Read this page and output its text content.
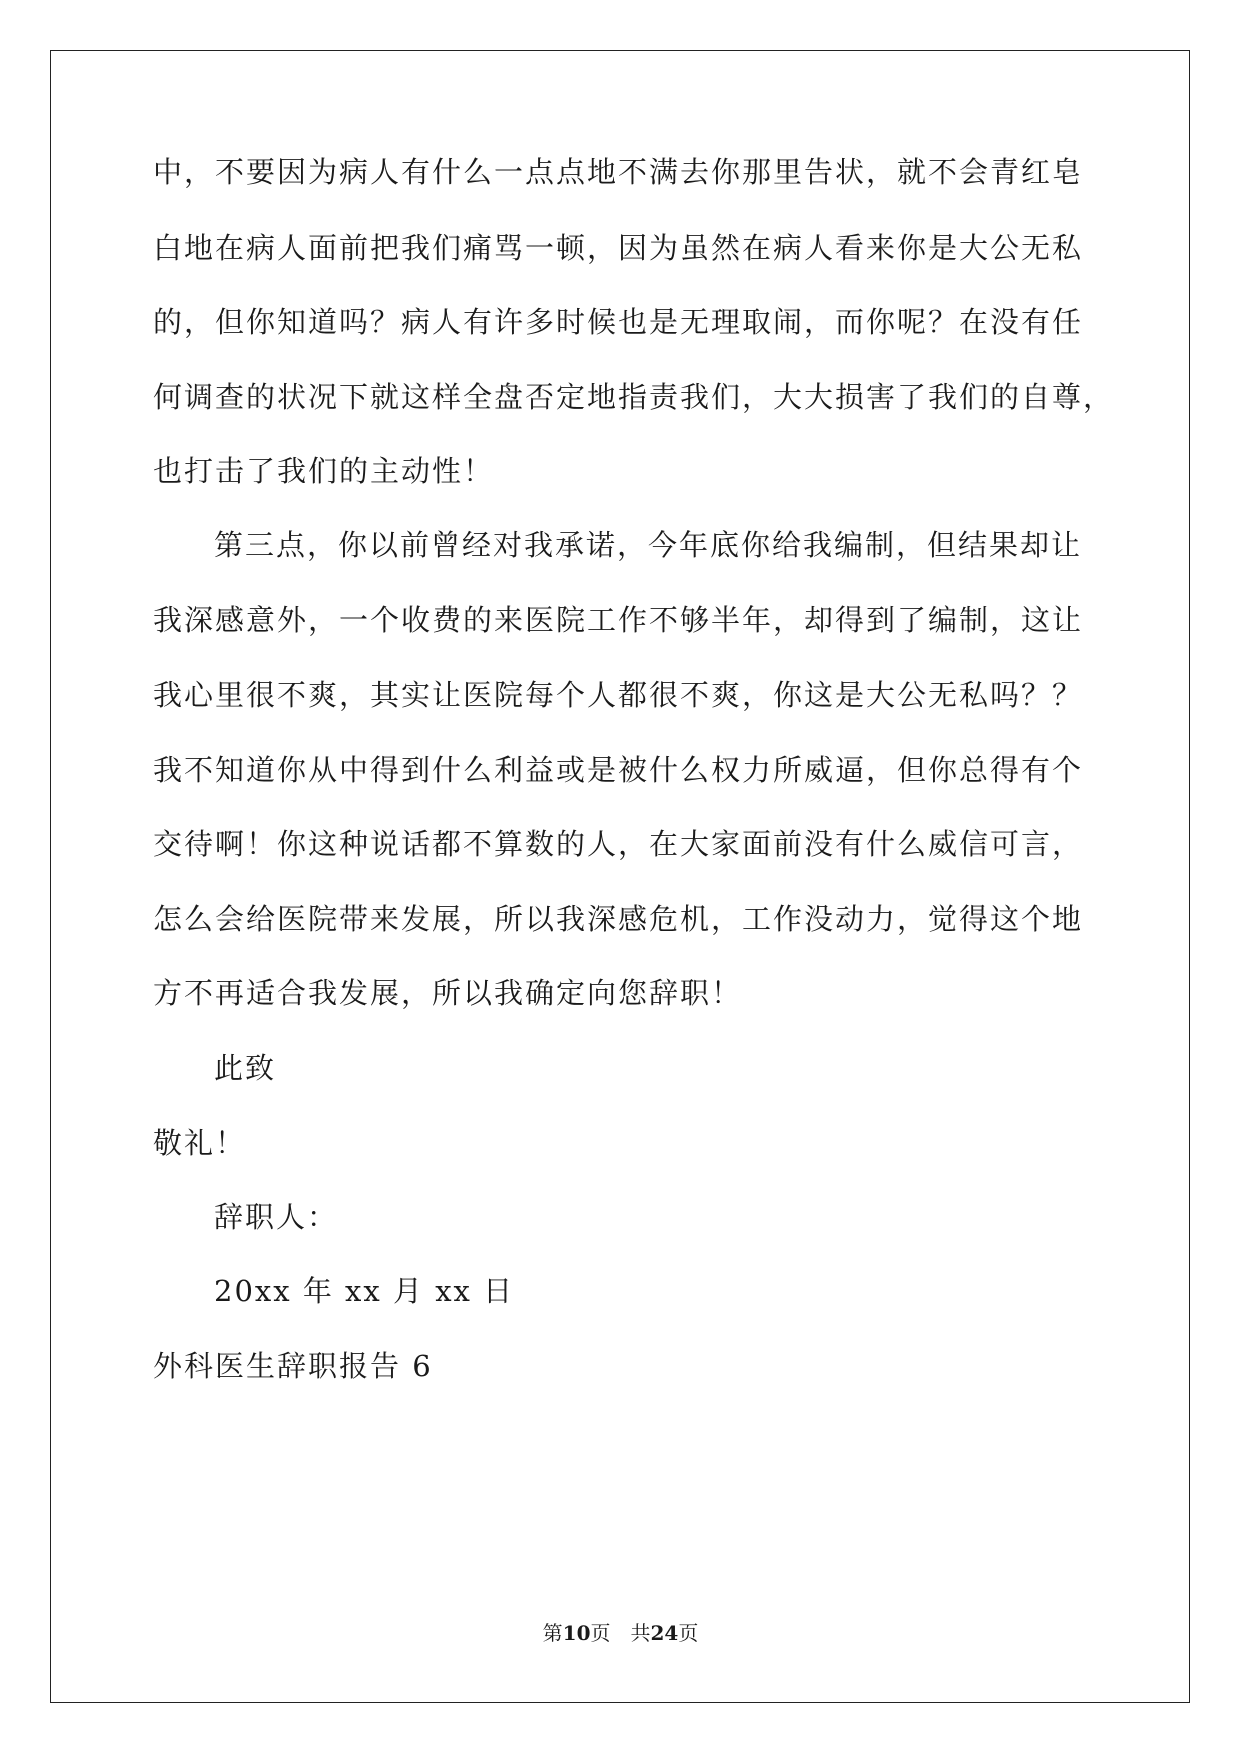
中，不要因为病人有什么一点点地不满去你那里告状，就不会青红皂
白地在病人面前把我们痛骂一顿，因为虽然在病人看来你是大公无私
的，但你知道吗？病人有许多时候也是无理取闹，而你呢？在没有任
何调查的状况下就这样全盘否定地指责我们，大大损害了我们的自尊，
也打击了我们的主动性！
第三点，你以前曾经对我承诺，今年底你给我编制，但结果却让
我深感意外，一个收费的来医院工作不够半年，却得到了编制，这让
我心里很不爽，其实让医院每个人都很不爽，你这是大公无私吗？？
我不知道你从中得到什么利益或是被什么权力所威逼，但你总得有个
交待啊！你这种说话都不算数的人，在大家面前没有什么威信可言，
怎么会给医院带来发展，所以我深感危机，工作没动力，觉得这个地
方不再适合我发展，所以我确定向您辞职！
此致
敬礼！
辞职人：
20xx 年 xx 月 xx 日
外科医生辞职报告 6
第10页　共24页
